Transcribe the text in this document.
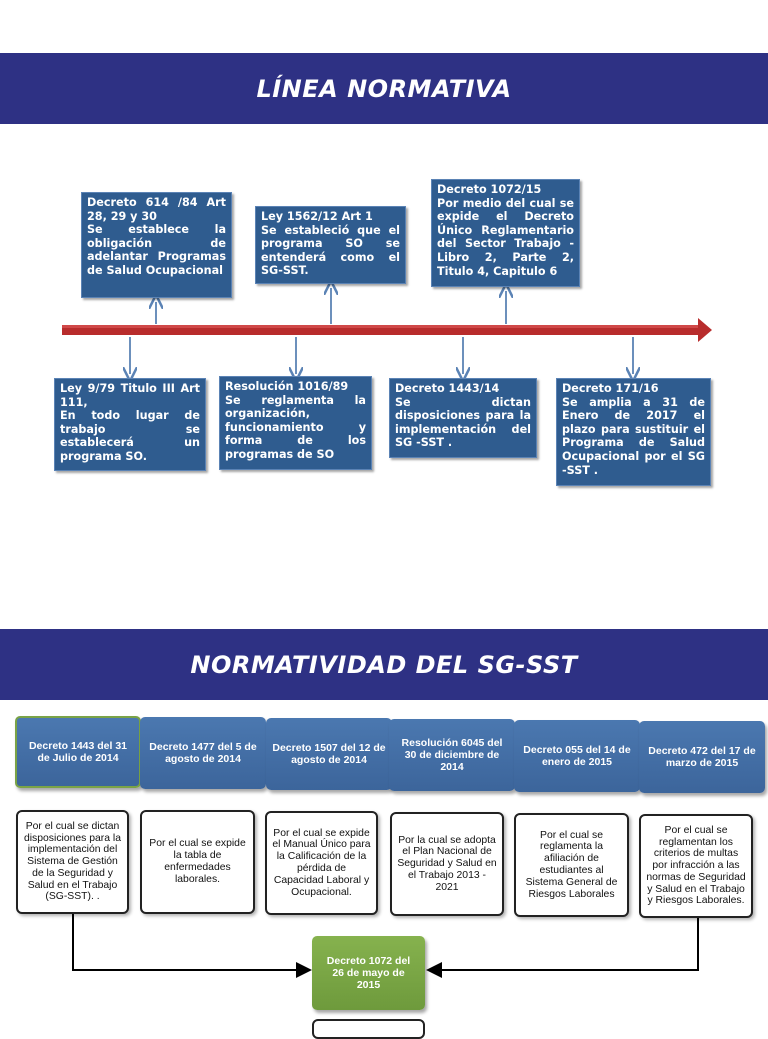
LÍNEA NORMATIVA
Decreto 614 /84 Art 28, 29 y 30
Se establece la obligación de adelantar Programas de Salud Ocupacional
Ley 1562/12 Art 1
Se estableció que el programa SO se entenderá como el SG-SST.
Decreto 1072/15
Por medio del cual se expide el Decreto Único Reglamentario del Sector Trabajo - Libro 2, Parte 2, Titulo 4, Capitulo 6
Ley 9/79 Titulo III Art 111,
En todo lugar de trabajo se establecerá un programa SO.
Resolución 1016/89
Se reglamenta la organización, funcionamiento y forma de los programas de SO
Decreto 1443/14
Se dictan disposiciones para la implementación del SG -SST .
Decreto 171/16
Se amplia a 31 de Enero de 2017 el plazo para sustituir el Programa de Salud Ocupacional por el SG -SST .
NORMATIVIDAD DEL SG-SST
Decreto 1443 del 31 de Julio de 2014
Decreto 1477 del 5 de agosto de 2014
Decreto 1507 del 12 de agosto de 2014
Resolución 6045 del 30 de diciembre de 2014
Decreto 055 del 14 de enero de 2015
Decreto 472 del 17 de marzo de 2015
Por el cual se dictan disposiciones para la implementación del Sistema de Gestión de la Seguridad y Salud en el Trabajo (SG-SST). .
Por el cual se expide la tabla de enfermedades laborales.
Por el cual se expide el Manual Único para la Calificación de la pérdida de Capacidad Laboral y Ocupacional.
Por la cual se adopta el Plan Nacional de Seguridad y Salud en el Trabajo 2013 - 2021
Por el cual se reglamenta la afiliación de estudiantes al Sistema General de Riesgos Laborales
Por el cual se reglamentan los criterios de multas por infracción a las normas de Seguridad y Salud en el Trabajo y Riesgos Laborales.
Decreto 1072 del 26 de mayo de 2015
